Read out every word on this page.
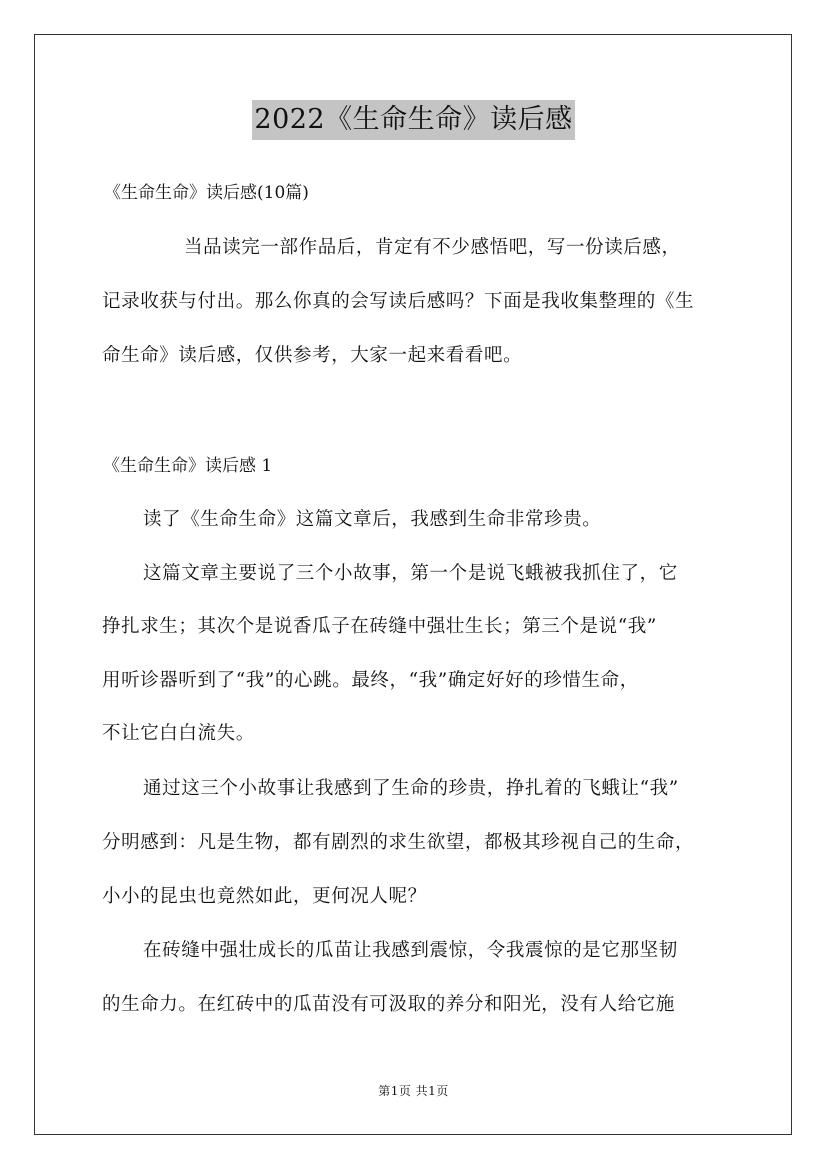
2022《生命生命》读后感
《生命生命》读后感(10篇)
当品读完一部作品后，肯定有不少感悟吧，写一份读后感，
记录收获与付出。那么你真的会写读后感吗？下面是我收集整理的《生
命生命》读后感，仅供参考，大家一起来看看吧。
《生命生命》读后感 1
读了《生命生命》这篇文章后，我感到生命非常珍贵。
这篇文章主要说了三个小故事，第一个是说飞蛾被我抓住了，它
挣扎求生；其次个是说香瓜子在砖缝中强壮生长；第三个是说“我”
用听诊器听到了“我”的心跳。最终，“我”确定好好的珍惜生命，
不让它白白流失。
通过这三个小故事让我感到了生命的珍贵，挣扎着的飞蛾让“我”
分明感到：凡是生物，都有剧烈的求生欲望，都极其珍视自己的生命，
小小的昆虫也竟然如此，更何况人呢？
在砖缝中强壮成长的瓜苗让我感到震惊，令我震惊的是它那坚韧
的生命力。在红砖中的瓜苗没有可汲取的养分和阳光，没有人给它施
第1页 共1页
